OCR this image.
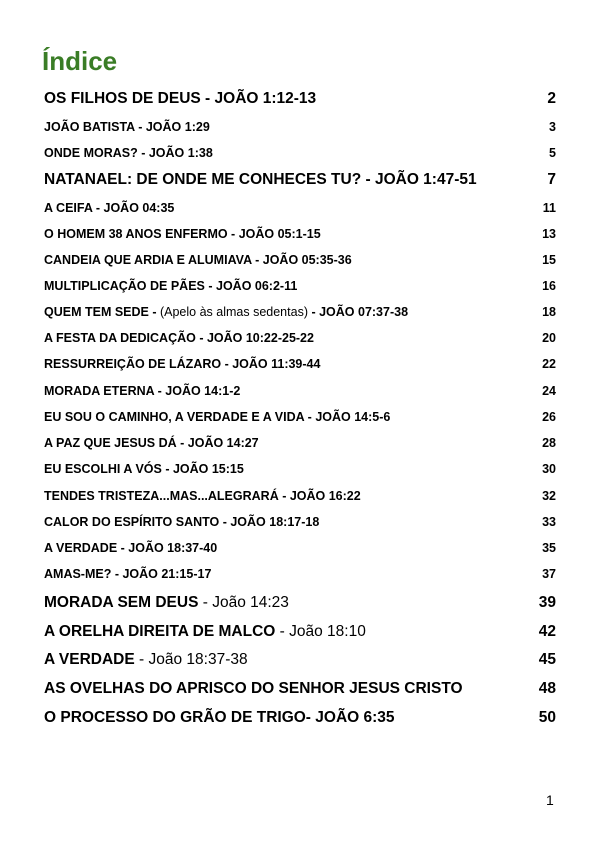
Índice
OS FILHOS DE DEUS - JOÃO 1:12-13	2
JOÃO BATISTA - JOÃO 1:29	3
ONDE MORAS? - JOÃO 1:38	5
NATANAEL: DE ONDE ME CONHECES TU? - JOÃO 1:47-51	7
A CEIFA - JOÃO 04:35	11
O HOMEM 38 ANOS ENFERMO - JOÃO 05:1-15	13
CANDEIA QUE ARDIA E ALUMIAVA - JOÃO 05:35-36	15
MULTIPLICAÇÃO DE PÃES - JOÃO 06:2-11	16
QUEM TEM SEDE - (Apelo às almas sedentas) - JOÃO 07:37-38	18
A FESTA DA DEDICAÇÃO - JOÃO 10:22-25-22	20
RESSURREIÇÃO DE LÁZARO - JOÃO 11:39-44	22
MORADA ETERNA - JOÃO 14:1-2	24
EU SOU O CAMINHO, A VERDADE E A VIDA - JOÃO 14:5-6	26
A PAZ QUE JESUS DÁ - JOÃO 14:27	28
EU ESCOLHI A VÓS - JOÃO 15:15	30
TENDES TRISTEZA...MAS...ALEGRARÁ - JOÃO 16:22	32
CALOR DO ESPÍRITO SANTO - JOÃO 18:17-18	33
A VERDADE - JOÃO 18:37-40	35
AMAS-ME? - JOÃO 21:15-17	37
MORADA SEM DEUS - João 14:23	39
A ORELHA DIREITA DE MALCO - João 18:10	42
A VERDADE - João 18:37-38	45
AS OVELHAS DO APRISCO DO SENHOR JESUS CRISTO	48
O PROCESSO DO GRÃO DE TRIGO- JOÃO 6:35	50
1
